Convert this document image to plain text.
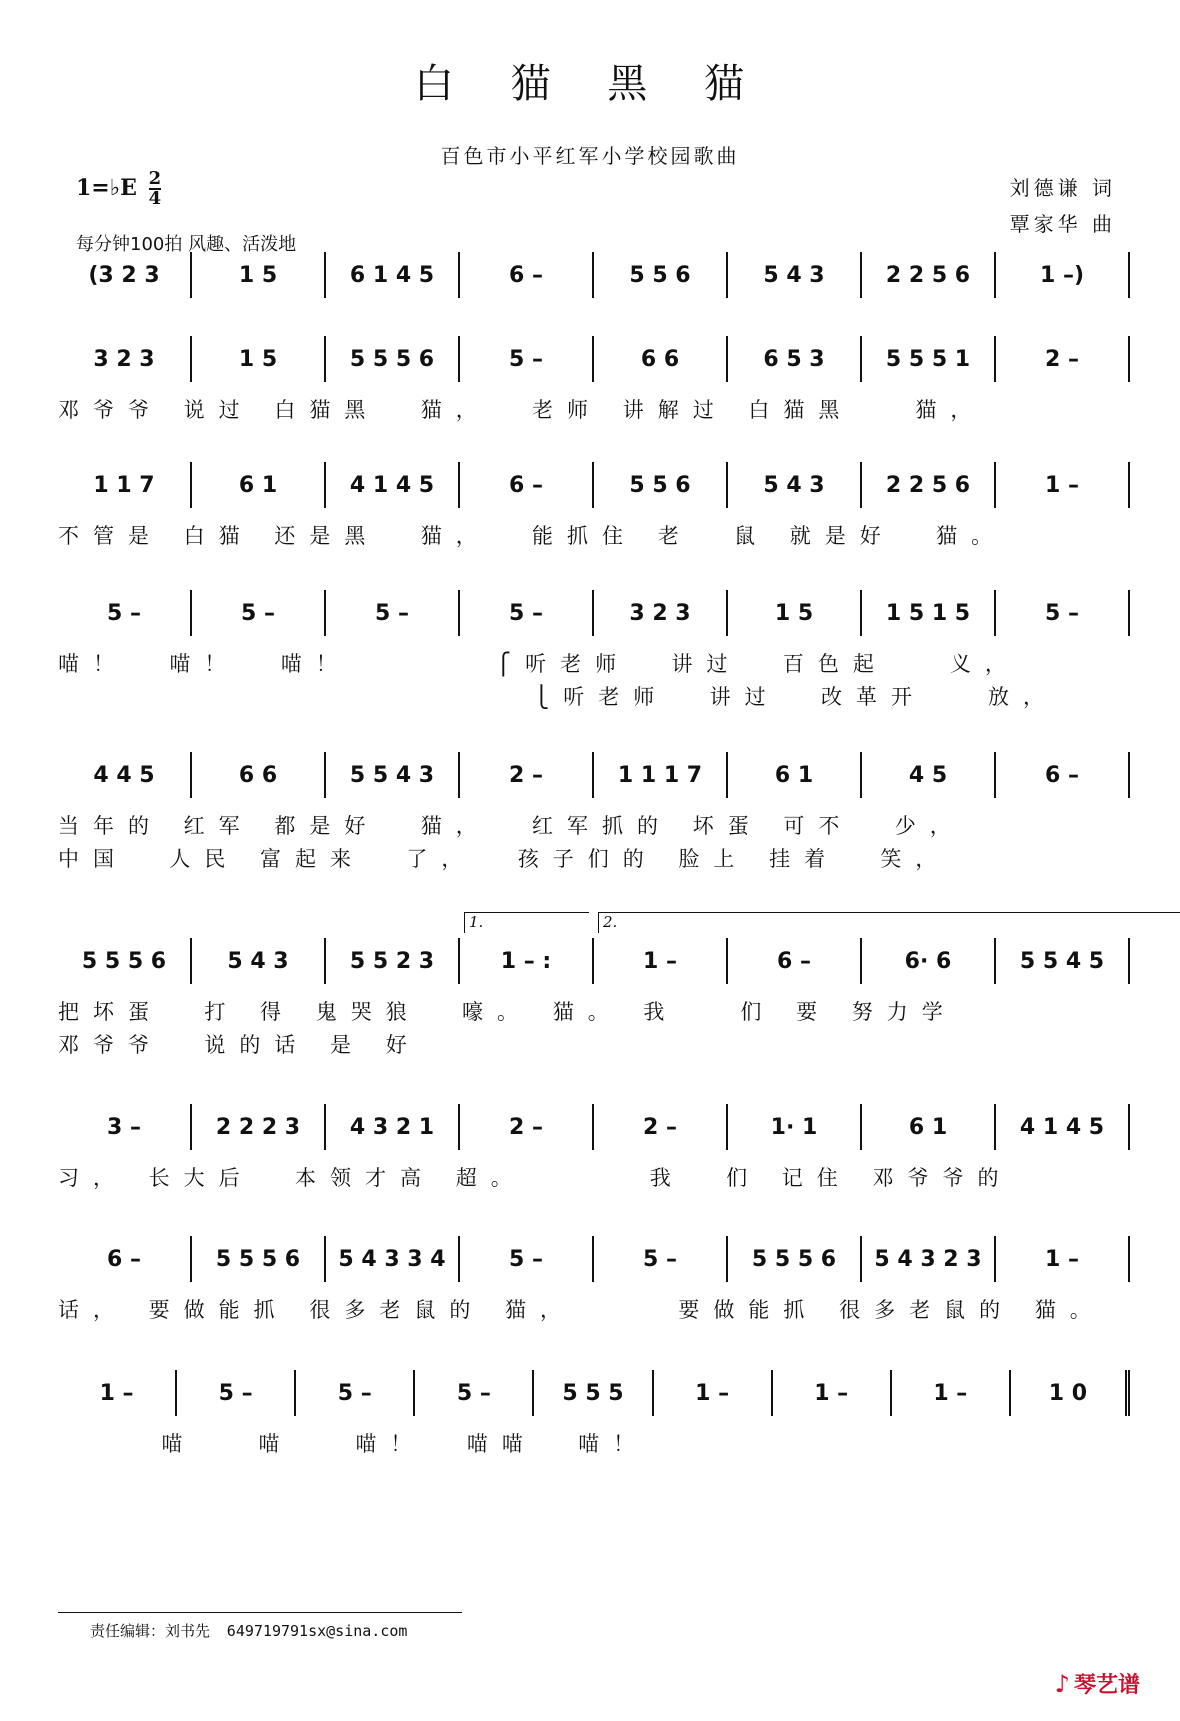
白 猫 黑 猫
百色市小平红军小学校园歌曲
1=♭E $\frac{2}{4}$
每分钟100拍 风趣、活泼地
刘德谦 词
覃家华 曲
(3 2 3	1 5	6 1 4 5	6 –	5 5 6	5 4 3	2 2 5 6	1 –)
3 2 3	1 5	5 5 5 6	5 –	6 6	6 5 3	5 5 5 1	2 –
邓爷爷 说过 白猫黑  猫，  老师 讲解过 白猫黑   猫，
1 1 7	6 1	4 1 4 5	6 –	5 5 6	5 4 3	2 2 5 6	1 –
不管是 白猫 还是黑  猫，  能抓住 老  鼠 就是好  猫。
5 –	5 –	5 –	5 –	3 2 3	1 5	1 5 1 5	5 –
喵！  喵！  喵！       ⎧听老师  讲过  百色起   义，
⎩听老师  讲过  改革开   放，
4 4 5	6 6	5 5 4 3	2 –	1 1 1 7	6 1	4 5	6 –
当年的 红军 都是好  猫，  红军抓的 坏蛋 可不  少，
中国  人民 富起来  了，  孩子们的 脸上 挂着  笑，
5 5 5 6	5 4 3	5 5 2 3	1 – :	1 –	6 –	6· 6	5 5 4 5
1.	2.
把坏蛋  打 得 鬼哭狼  嚎。 猫。 我   们 要 努力学
邓爷爷  说的话 是 好
3 –	2 2 2 3	4 3 2 1	2 –	2 –	1· 1	6 1	4 1 4 5
习， 长大后  本领才高 超。      我  们 记住 邓爷爷的
6 –	5 5 5 6	5 4 3 3 4	5 –	5 –	5 5 5 6	5 4 3 2 3	1 –
话， 要做能抓 很多老鼠的 猫，     要做能抓 很多老鼠的 猫。
1 –	5 –	5 –	5 –	5 5 5	1 –	1 –	1 –	1 0
喵   喵   喵！  喵喵  喵！
责任编辑：刘书先 649719791sx@sina.com
♪ 琴艺谱
